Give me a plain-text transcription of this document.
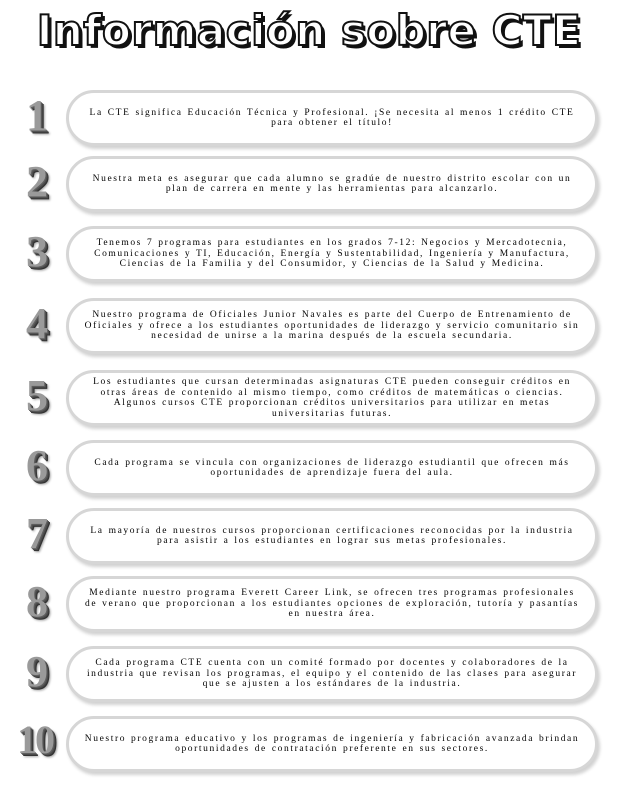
Información sobre CTE
1	La CTE significa Educación Técnica y Profesional. ¡Se necesita al menos 1 crédito CTE para obtener el título!

2	Nuestra meta es asegurar que cada alumno se gradúe de nuestro distrito escolar con un plan de carrera en mente y las herramientas para alcanzarlo.

3	Tenemos 7 programas para estudiantes en los grados 7-12: Negocios y Mercadotecnia, Comunicaciones y TI, Educación, Energía y Sustentabilidad, Ingeniería y Manufactura, Ciencias de la Familia y del Consumidor, y Ciencias de la Salud y Medicina.

4	Nuestro programa de Oficiales Junior Navales es parte del Cuerpo de Entrenamiento de Oficiales y ofrece a los estudiantes oportunidades de liderazgo y servicio comunitario sin necesidad de unirse a la marina después de la escuela secundaria.

5	Los estudiantes que cursan determinadas asignaturas CTE pueden conseguir créditos en otras áreas de contenido al mismo tiempo, como créditos de matemáticas o ciencias. Algunos cursos CTE proporcionan créditos universitarios para utilizar en metas universitarias futuras.

6	Cada programa se vincula con organizaciones de liderazgo estudiantil que ofrecen más oportunidades de aprendizaje fuera del aula.

7	La mayoría de nuestros cursos proporcionan certificaciones reconocidas por la industria para asistir a los estudiantes en lograr sus metas profesionales.

8	Mediante nuestro programa Everett Career Link, se ofrecen tres programas profesionales de verano que proporcionan a los estudiantes opciones de exploración, tutoría y pasantías en nuestra área.

9	Cada programa CTE cuenta con un comité formado por docentes y colaboradores de la industria que revisan los programas, el equipo y el contenido de las clases para asegurar que se ajusten a los estándares de la industria.

10	Nuestro programa educativo y los programas de ingeniería y fabricación avanzada brindan oportunidades de contratación preferente en sus sectores.
